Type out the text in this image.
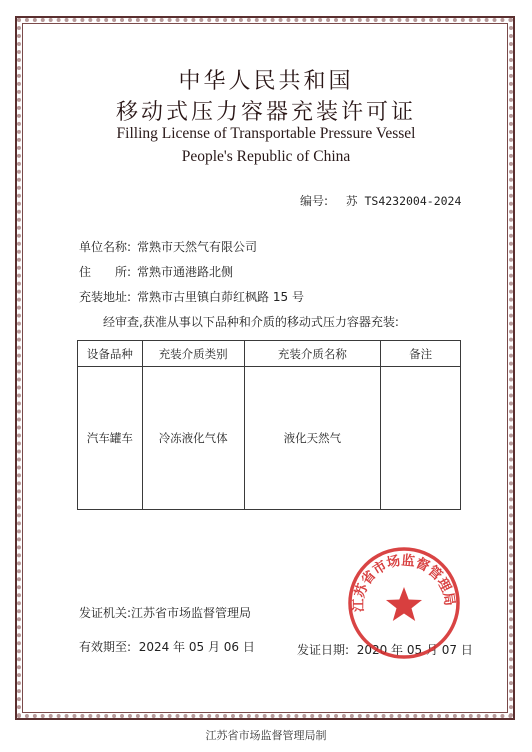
中华人民共和国
移动式压力容器充装许可证
Filling License of Transportable Pressure Vessel
People's Republic of China
编号: 苏 TS4232004-2024
单位名称: 常熟市天然气有限公司
住　　所: 常熟市通港路北侧
充装地址: 常熟市古里镇白茆红枫路 15 号
经审查,获准从事以下品种和介质的移动式压力容器充装:
设备品种	充装介质类别	充装介质名称	备注
汽车罐车	冷冻液化气体	液化天然气	
发证机关:江苏省市场监督管理局
有效期至: 2024 年 05 月 06 日	发证日期: 2020 年 05 月 07 日
江苏省市场监督管理局
江苏省市场监督管理局制
